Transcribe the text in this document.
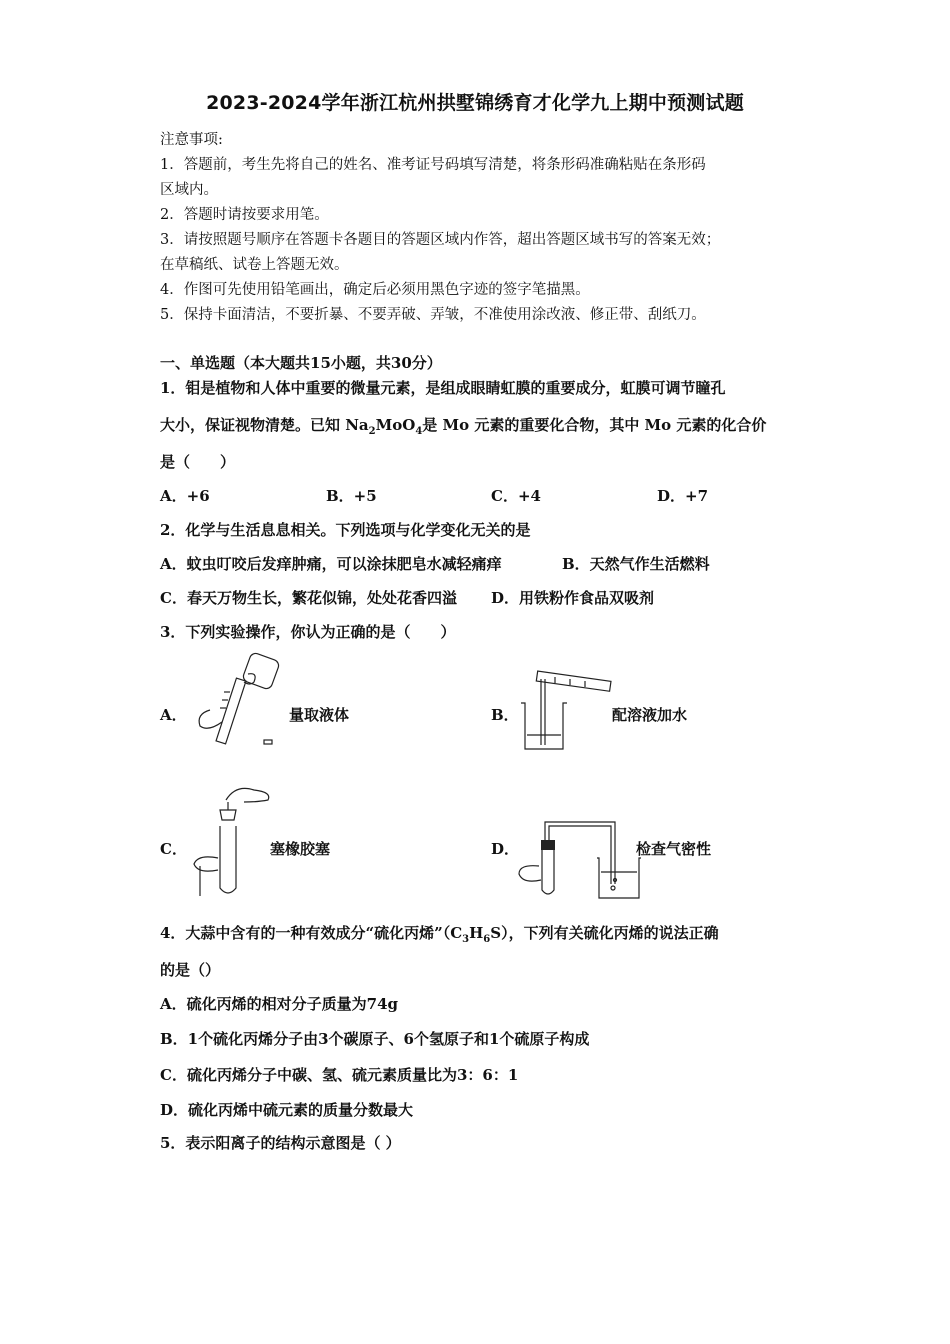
2023-2024学年浙江杭州拱墅锦绣育才化学九上期中预测试题
注意事项:
1．答题前，考生先将自己的姓名、准考证号码填写清楚，将条形码准确粘贴在条形码
区域内。
2．答题时请按要求用笔。
3．请按照题号顺序在答题卡各题目的答题区域内作答，超出答题区域书写的答案无效；
在草稿纸、试卷上答题无效。
4．作图可先使用铅笔画出，确定后必须用黑色字迹的签字笔描黑。
5．保持卡面清洁，不要折暴、不要弄破、弄皱，不准使用涂改液、修正带、刮纸刀。
一、单选题（本大题共15小题，共30分）
1．钼是植物和人体中重要的微量元素，是组成眼睛虹膜的重要成分，虹膜可调节瞳孔
大小，保证视物清楚。已知 $Na_2MoO_4$是 Mo 元素的重要化合物，其中 Mo 元素的化合价
是（　　）
A．+6	B．+5	C．+4	D．+7
2．化学与生活息息相关。下列选项与化学变化无关的是
A．蚊虫叮咬后发痒肿痛，可以涂抹肥皂水减轻痛痒	B．天然气作生活燃料
C．春天万物生长，繁花似锦，处处花香四溢 D．用铁粉作食品双吸剂
3．下列实验操作，你认为正确的是（　　）
A．	量取液体	B．	配溶液加水
C．	塞橡胶塞	D．	检查气密性
4．大蒜中含有的一种有效成分“硫化丙烯$”(C_3H_6S)$，下列有关硫化丙烯的说法正确
的是（）
A．硫化丙烯的相对分子质量为74g
B．1个硫化丙烯分子由3个碳原子、6个氢原子和1个硫原子构成
C．硫化丙烯分子中碳、氢、硫元素质量比为3：6：1
D．硫化丙烯中硫元素的质量分数最大
5．表示阳离子的结构示意图是（ ）
